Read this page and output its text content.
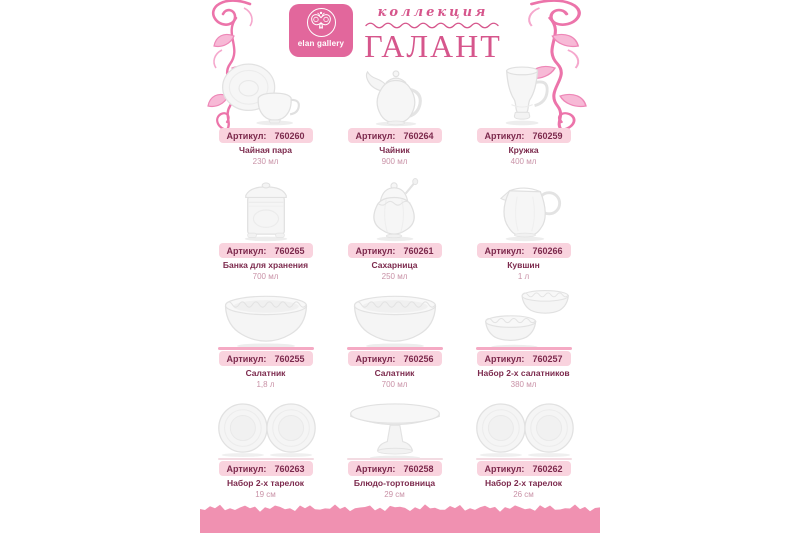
elan gallery
коллекция
ГАЛАНТ
Артикул: 760260
Чайная пара
230 мл
Артикул: 760264
Чайник
900 мл
Артикул: 760259
Кружка
400 мл
Артикул: 760265
Банка для хранения
700 мл
Артикул: 760261
Сахарница
250 мл
Артикул: 760266
Кувшин
1 л
Артикул: 760255
Салатник
1,8 л
Артикул: 760256
Салатник
700 мл
Артикул: 760257
Набор 2-х салатников
380 мл
Артикул: 760263
Набор 2-х тарелок
19 см
Артикул: 760258
Блюдо-тортовница
29 см
Артикул: 760262
Набор 2-х тарелок
26 см
